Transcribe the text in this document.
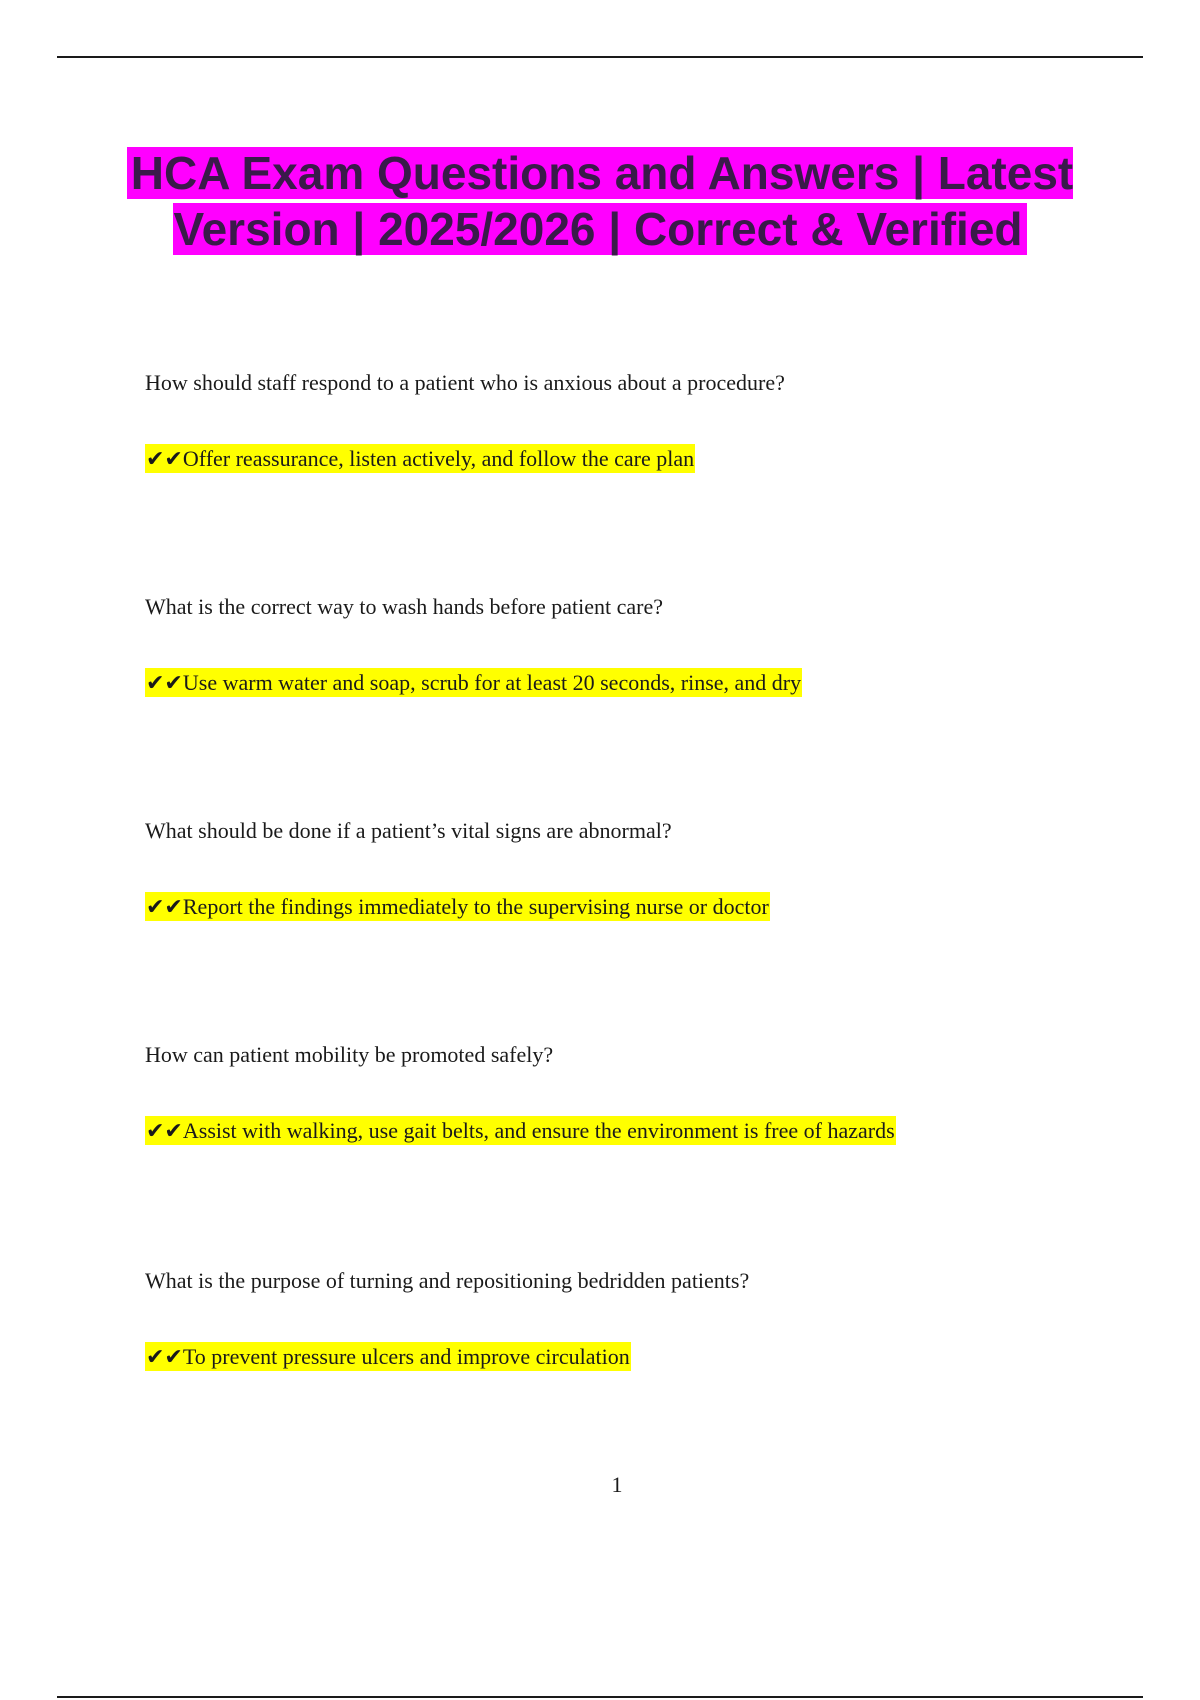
HCA Exam Questions and Answers | Latest Version | 2025/2026 | Correct & Verified

How should staff respond to a patient who is anxious about a procedure?

✔✔Offer reassurance, listen actively, and follow the care plan

What is the correct way to wash hands before patient care?

✔✔Use warm water and soap, scrub for at least 20 seconds, rinse, and dry

What should be done if a patient’s vital signs are abnormal?

✔✔Report the findings immediately to the supervising nurse or doctor

How can patient mobility be promoted safely?

✔✔Assist with walking, use gait belts, and ensure the environment is free of hazards

What is the purpose of turning and repositioning bedridden patients?

✔✔To prevent pressure ulcers and improve circulation

1
